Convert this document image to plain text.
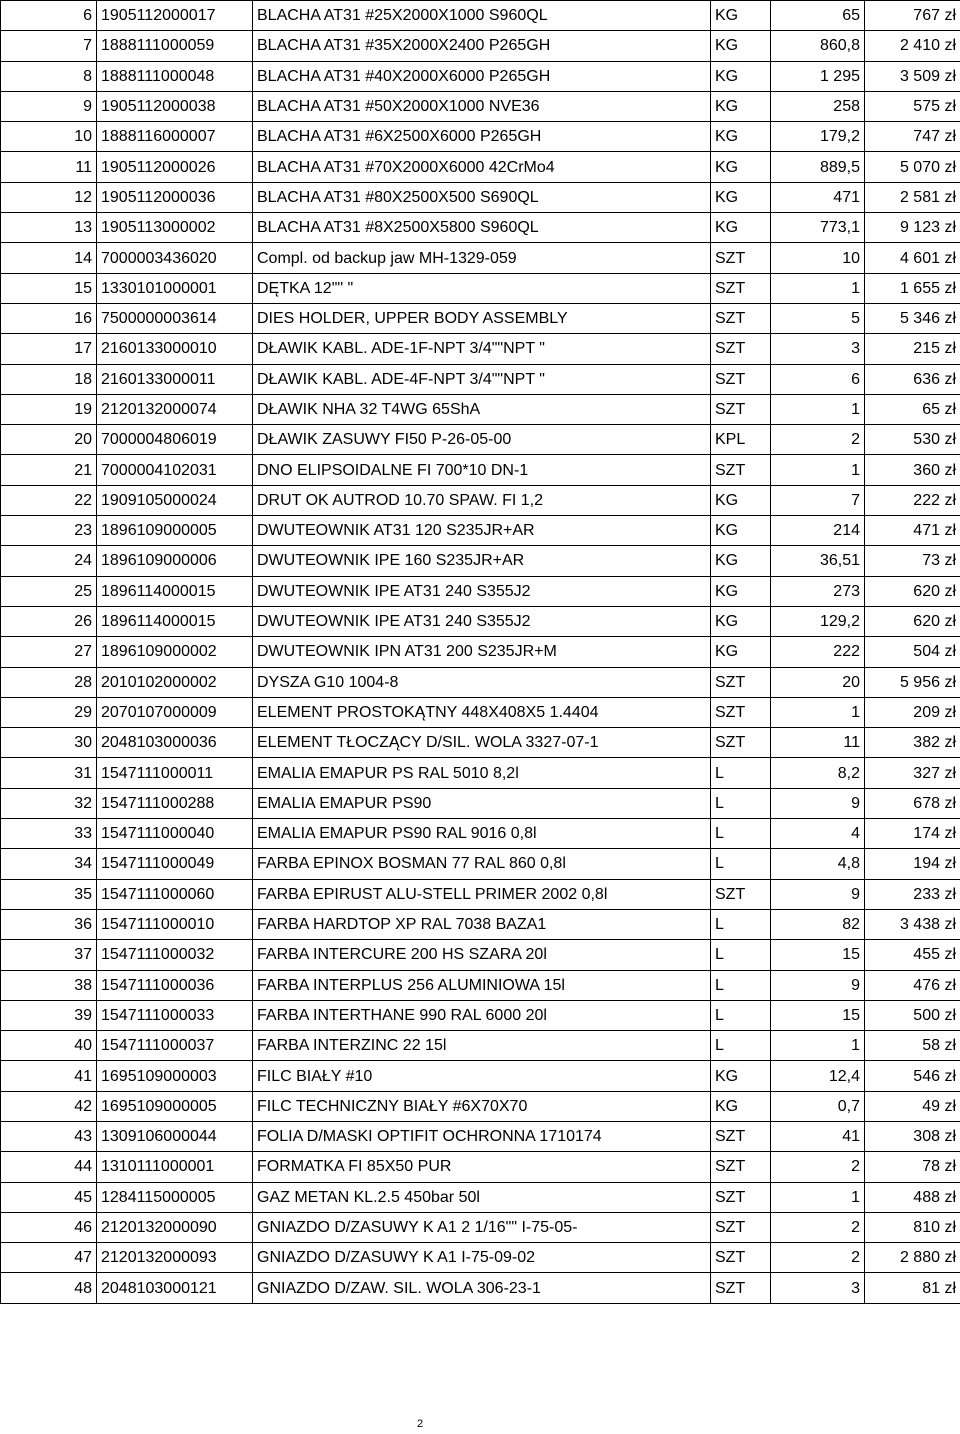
6	1905112000017	BLACHA AT31 #25X2000X1000 S960QL	KG	65	767 zł
7	1888111000059	BLACHA AT31 #35X2000X2400 P265GH	KG	860,8	2 410 zł
8	1888111000048	BLACHA AT31 #40X2000X6000 P265GH	KG	1 295	3 509 zł
9	1905112000038	BLACHA AT31 #50X2000X1000 NVE36	KG	258	575 zł
10	1888116000007	BLACHA AT31 #6X2500X6000 P265GH	KG	179,2	747 zł
11	1905112000026	BLACHA AT31 #70X2000X6000 42CrMo4	KG	889,5	5 070 zł
12	1905112000036	BLACHA AT31 #80X2500X500 S690QL	KG	471	2 581 zł
13	1905113000002	BLACHA AT31 #8X2500X5800 S960QL	KG	773,1	9 123 zł
14	7000003436020	Compl. od backup jaw MH-1329-059	SZT	10	4 601 zł
15	1330101000001	DĘTKA 12"" "	SZT	1	1 655 zł
16	7500000003614	DIES HOLDER, UPPER BODY ASSEMBLY	SZT	5	5 346 zł
17	2160133000010	DŁAWIK KABL. ADE-1F-NPT 3/4""NPT "	SZT	3	215 zł
18	2160133000011	DŁAWIK KABL. ADE-4F-NPT 3/4""NPT "	SZT	6	636 zł
19	2120132000074	DŁAWIK NHA 32 T4WG 65ShA	SZT	1	65 zł
20	7000004806019	DŁAWIK ZASUWY FI50 P-26-05-00	KPL	2	530 zł
21	7000004102031	DNO ELIPSOIDALNE FI 700*10 DN-1	SZT	1	360 zł
22	1909105000024	DRUT OK AUTROD 10.70 SPAW. FI 1,2	KG	7	222 zł
23	1896109000005	DWUTEOWNIK AT31 120 S235JR+AR	KG	214	471 zł
24	1896109000006	DWUTEOWNIK IPE 160 S235JR+AR	KG	36,51	73 zł
25	1896114000015	DWUTEOWNIK IPE AT31 240 S355J2	KG	273	620 zł
26	1896114000015	DWUTEOWNIK IPE AT31 240 S355J2	KG	129,2	620 zł
27	1896109000002	DWUTEOWNIK IPN AT31 200 S235JR+M	KG	222	504 zł
28	2010102000002	DYSZA G10 1004-8	SZT	20	5 956 zł
29	2070107000009	ELEMENT PROSTOKĄTNY 448X408X5 1.4404	SZT	1	209 zł
30	2048103000036	ELEMENT TŁOCZĄCY D/SIL. WOLA 3327-07-1	SZT	11	382 zł
31	1547111000011	EMALIA EMAPUR PS RAL 5010 8,2l	L	8,2	327 zł
32	1547111000288	EMALIA EMAPUR PS90	L	9	678 zł
33	1547111000040	EMALIA EMAPUR PS90 RAL 9016 0,8l	L	4	174 zł
34	1547111000049	FARBA EPINOX BOSMAN 77 RAL 860 0,8l	L	4,8	194 zł
35	1547111000060	FARBA EPIRUST ALU-STELL PRIMER 2002 0,8l	SZT	9	233 zł
36	1547111000010	FARBA HARDTOP XP RAL 7038 BAZA1	L	82	3 438 zł
37	1547111000032	FARBA INTERCURE 200 HS SZARA 20l	L	15	455 zł
38	1547111000036	FARBA INTERPLUS 256 ALUMINIOWA 15l	L	9	476 zł
39	1547111000033	FARBA INTERTHANE 990 RAL 6000 20l	L	15	500 zł
40	1547111000037	FARBA INTERZINC 22 15l	L	1	58 zł
41	1695109000003	FILC BIAŁY #10	KG	12,4	546 zł
42	1695109000005	FILC TECHNICZNY BIAŁY #6X70X70	KG	0,7	49 zł
43	1309106000044	FOLIA D/MASKI OPTIFIT OCHRONNA 1710174	SZT	41	308 zł
44	1310111000001	FORMATKA FI 85X50 PUR	SZT	2	78 zł
45	1284115000005	GAZ METAN KL.2.5 450bar 50l	SZT	1	488 zł
46	2120132000090	GNIAZDO D/ZASUWY K A1 2 1/16"" I-75-05-	SZT	2	810 zł
47	2120132000093	GNIAZDO D/ZASUWY K A1 I-75-09-02	SZT	2	2 880 zł
48	2048103000121	GNIAZDO D/ZAW. SIL. WOLA 306-23-1	SZT	3	81 zł
2
